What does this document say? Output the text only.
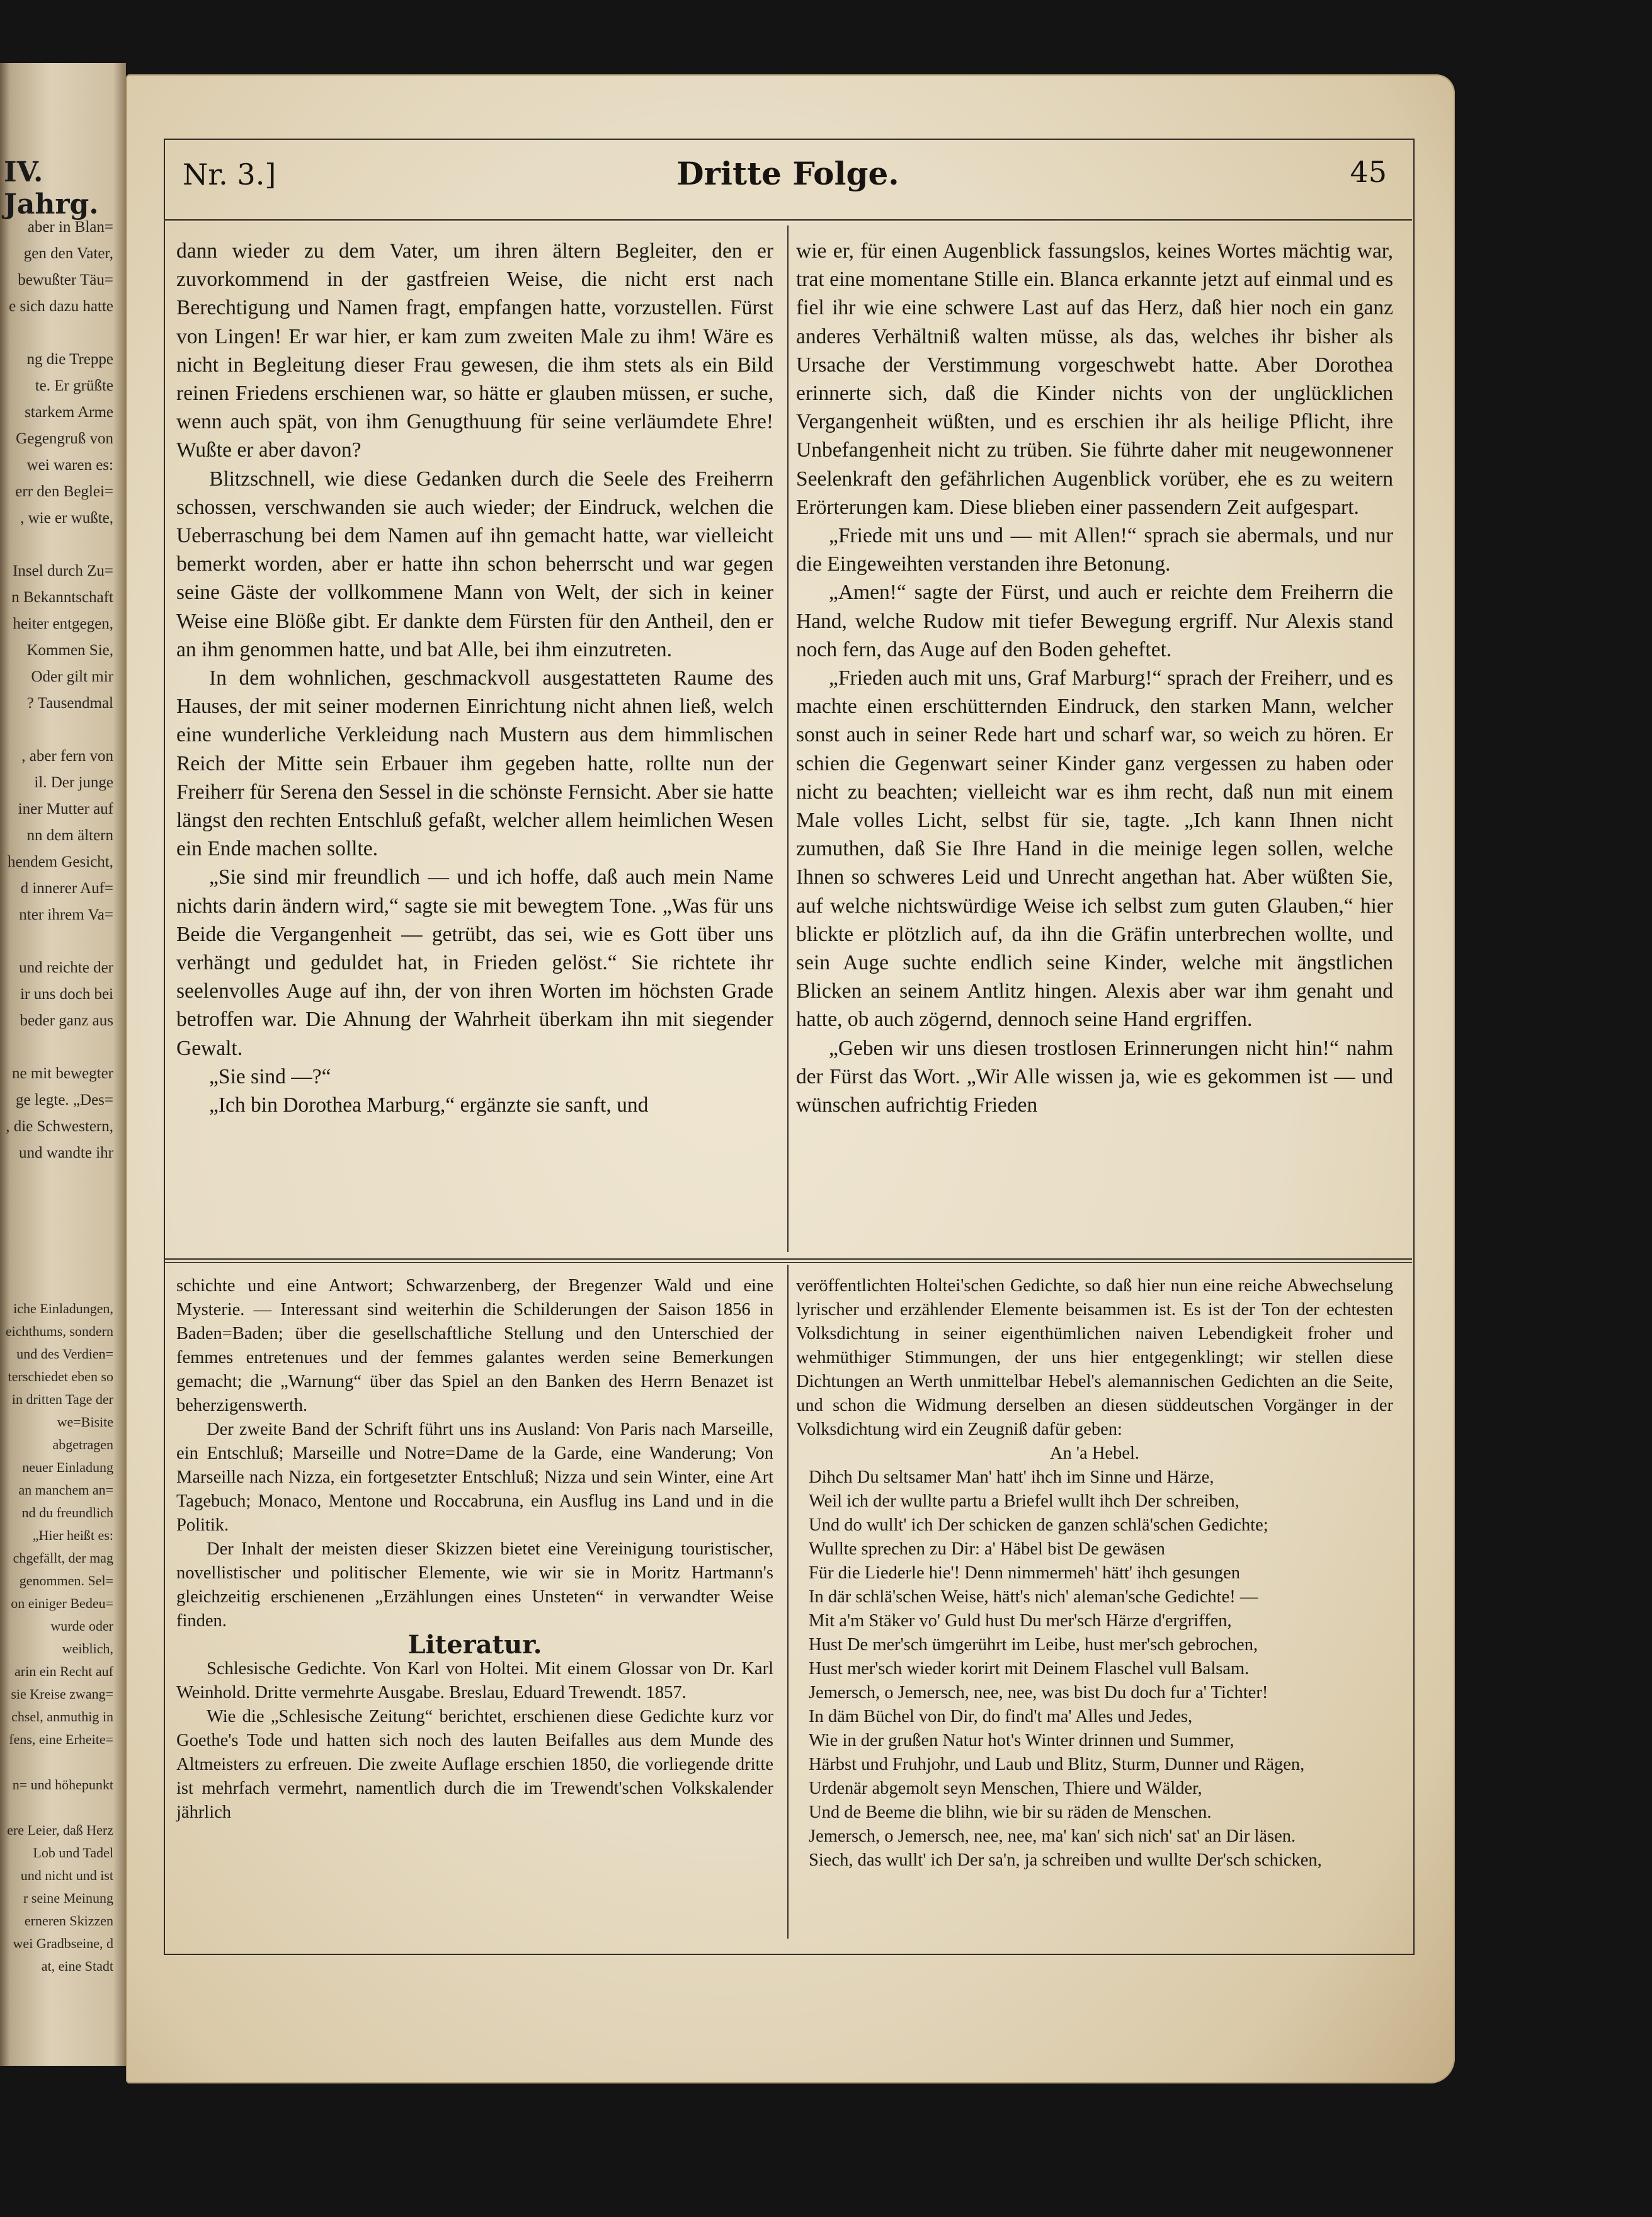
IV. Jahrg.
aber in Blan=
gen den Vater,
bewußter Täu=
e sich dazu hatte

ng die Treppe
te. Er grüßte
starkem Arme
Gegengruß von
wei waren es:
err den Beglei=
, wie er wußte,

Insel durch Zu=
n Bekanntschaft
heiter entgegen,
Kommen Sie,
Oder gilt mir
? Tausendmal

, aber fern von
il. Der junge
iner Mutter auf
nn dem ältern
hendem Gesicht,
d innerer Auf=
nter ihrem Va=

und reichte der
ir uns doch bei
beder ganz aus

ne mit bewegter
ge legte. „Des=
, die Schwestern,
und wandte ihr
iche Einladungen,
eichthums, sondern
und des Verdien=
terschiedet eben so
in dritten Tage der
we=Bisite abgetragen
neuer Einladung
an manchem an=
nd du freundlich
„Hier heißt es:
chgefällt, der mag
genommen. Sel=
on einiger Bedeu=
wurde oder weiblich,
arin ein Recht auf
sie Kreise zwang=
chsel, anmuthig in
fens, eine Erheite=

n= und höhepunkt

ere Leier, daß Herz
Lob und Tadel
und nicht und ist
r seine Meinung
erneren Skizzen
wei Gradbseine, d
at, eine Stadt
Nr. 3.]	Dritte Folge.	45

dann wieder zu dem Vater, um ihren ältern Begleiter, den er zuvorkommend in der gastfreien Weise, die nicht erst nach Berechtigung und Namen fragt, empfangen hatte, vorzustellen. Fürst von Lingen! Er war hier, er kam zum zweiten Male zu ihm! Wäre es nicht in Begleitung dieser Frau gewesen, die ihm stets als ein Bild reinen Friedens erschienen war, so hätte er glauben müssen, er suche, wenn auch spät, von ihm Genugthuung für seine verläumdete Ehre! Wußte er aber davon?

Blitzschnell, wie diese Gedanken durch die Seele des Freiherrn schossen, verschwanden sie auch wieder; der Eindruck, welchen die Ueberraschung bei dem Namen auf ihn gemacht hatte, war vielleicht bemerkt worden, aber er hatte ihn schon beherrscht und war gegen seine Gäste der vollkommene Mann von Welt, der sich in keiner Weise eine Blöße gibt. Er dankte dem Fürsten für den Antheil, den er an ihm genommen hatte, und bat Alle, bei ihm einzutreten.

In dem wohnlichen, geschmackvoll ausgestatteten Raume des Hauses, der mit seiner modernen Einrichtung nicht ahnen ließ, welch eine wunderliche Verkleidung nach Mustern aus dem himmlischen Reich der Mitte sein Erbauer ihm gegeben hatte, rollte nun der Freiherr für Serena den Sessel in die schönste Fernsicht. Aber sie hatte längst den rechten Entschluß gefaßt, welcher allem heimlichen Wesen ein Ende machen sollte.

„Sie sind mir freundlich — und ich hoffe, daß auch mein Name nichts darin ändern wird,“ sagte sie mit bewegtem Tone. „Was für uns Beide die Vergangenheit — getrübt, das sei, wie es Gott über uns verhängt und geduldet hat, in Frieden gelöst.“ Sie richtete ihr seelenvolles Auge auf ihn, der von ihren Worten im höchsten Grade betroffen war. Die Ahnung der Wahrheit überkam ihn mit siegender Gewalt.

„Sie sind —?“

„Ich bin Dorothea Marburg,“ ergänzte sie sanft, und

wie er, für einen Augenblick fassungslos, keines Wortes mächtig war, trat eine momentane Stille ein. Blanca erkannte jetzt auf einmal und es fiel ihr wie eine schwere Last auf das Herz, daß hier noch ein ganz anderes Verhältniß walten müsse, als das, welches ihr bisher als Ursache der Verstimmung vorgeschwebt hatte. Aber Dorothea erinnerte sich, daß die Kinder nichts von der unglücklichen Vergangenheit wüßten, und es erschien ihr als heilige Pflicht, ihre Unbefangenheit nicht zu trüben. Sie führte daher mit neugewonnener Seelenkraft den gefährlichen Augenblick vorüber, ehe es zu weitern Erörterungen kam. Diese blieben einer passendern Zeit aufgespart.

„Friede mit uns und — mit Allen!“ sprach sie abermals, und nur die Eingeweihten verstanden ihre Betonung.

„Amen!“ sagte der Fürst, und auch er reichte dem Freiherrn die Hand, welche Rudow mit tiefer Bewegung ergriff. Nur Alexis stand noch fern, das Auge auf den Boden geheftet.

„Frieden auch mit uns, Graf Marburg!“ sprach der Freiherr, und es machte einen erschütternden Eindruck, den starken Mann, welcher sonst auch in seiner Rede hart und scharf war, so weich zu hören. Er schien die Gegenwart seiner Kinder ganz vergessen zu haben oder nicht zu beachten; vielleicht war es ihm recht, daß nun mit einem Male volles Licht, selbst für sie, tagte. „Ich kann Ihnen nicht zumuthen, daß Sie Ihre Hand in die meinige legen sollen, welche Ihnen so schweres Leid und Unrecht angethan hat. Aber wüßten Sie, auf welche nichtswürdige Weise ich selbst zum guten Glauben,“ hier blickte er plötzlich auf, da ihn die Gräfin unterbrechen wollte, und sein Auge suchte endlich seine Kinder, welche mit ängstlichen Blicken an seinem Antlitz hingen. Alexis aber war ihm genaht und hatte, ob auch zögernd, dennoch seine Hand ergriffen.

„Geben wir uns diesen trostlosen Erinnerungen nicht hin!“ nahm der Fürst das Wort. „Wir Alle wissen ja, wie es gekommen ist — und wünschen aufrichtig Frieden

schichte und eine Antwort; Schwarzenberg, der Bregenzer Wald und eine Mysterie. — Interessant sind weiterhin die Schilderungen der Saison 1856 in Baden=Baden; über die gesellschaftliche Stellung und den Unterschied der femmes entretenues und der femmes galantes werden seine Bemerkungen gemacht; die „Warnung“ über das Spiel an den Banken des Herrn Benazet ist beherzigenswerth.

Der zweite Band der Schrift führt uns ins Ausland: Von Paris nach Marseille, ein Entschluß; Marseille und Notre=Dame de la Garde, eine Wanderung; Von Marseille nach Nizza, ein fortgesetzter Entschluß; Nizza und sein Winter, eine Art Tagebuch; Monaco, Mentone und Roccabruna, ein Ausflug ins Land und in die Politik.

Der Inhalt der meisten dieser Skizzen bietet eine Vereinigung touristischer, novellistischer und politischer Elemente, wie wir sie in Moritz Hartmann's gleichzeitig erschienenen „Erzählungen eines Unsteten“ in verwandter Weise finden.

Literatur.

Schlesische Gedichte. Von Karl von Holtei. Mit einem Glossar von Dr. Karl Weinhold. Dritte vermehrte Ausgabe. Breslau, Eduard Trewendt. 1857.

Wie die „Schlesische Zeitung“ berichtet, erschienen diese Gedichte kurz vor Goethe's Tode und hatten sich noch des lauten Beifalles aus dem Munde des Altmeisters zu erfreuen. Die zweite Auflage erschien 1850, die vorliegende dritte ist mehrfach vermehrt, namentlich durch die im Trewendt'schen Volkskalender jährlich

veröffentlichten Holtei'schen Gedichte, so daß hier nun eine reiche Abwechselung lyrischer und erzählender Elemente beisammen ist. Es ist der Ton der echtesten Volksdichtung in seiner eigenthümlichen naiven Lebendigkeit froher und wehmüthiger Stimmungen, der uns hier entgegenklingt; wir stellen diese Dichtungen an Werth unmittelbar Hebel's alemannischen Gedichten an die Seite, und schon die Widmung derselben an diesen süddeutschen Vorgänger in der Volksdichtung wird ein Zeugniß dafür geben:

An 'a Hebel.

Dihch Du seltsamer Man' hatt' ihch im Sinne und Härze,
Weil ich der wullte partu a Briefel wullt ihch Der schreiben,
Und do wullt' ich Der schicken de ganzen schlä'schen Gedichte;
Wullte sprechen zu Dir: a' Häbel bist De gewäsen
Für die Liederle hie'! Denn nimmermeh' hätt' ihch gesungen
In där schlä'schen Weise, hätt's nich' aleman'sche Gedichte! —
Mit a'm Stäker vo' Guld hust Du mer'sch Härze d'ergriffen,
Hust De mer'sch ümgerührt im Leibe, hust mer'sch gebrochen,
Hust mer'sch wieder korirt mit Deinem Flaschel vull Balsam.
Jemersch, o Jemersch, nee, nee, was bist Du doch fur a' Tichter!
In däm Büchel von Dir, do find't ma' Alles und Jedes,
Wie in der grußen Natur hot's Winter drinnen und Summer,
Härbst und Fruhjohr, und Laub und Blitz, Sturm, Dunner und Rägen,
Urdenär abgemolt seyn Menschen, Thiere und Wälder,
Und de Beeme die blihn, wie bir su räden de Menschen.
Jemersch, o Jemersch, nee, nee, ma' kan' sich nich' sat' an Dir läsen.
Siech, das wullt' ich Der sa'n, ja schreiben und wullte Der'sch schicken,
